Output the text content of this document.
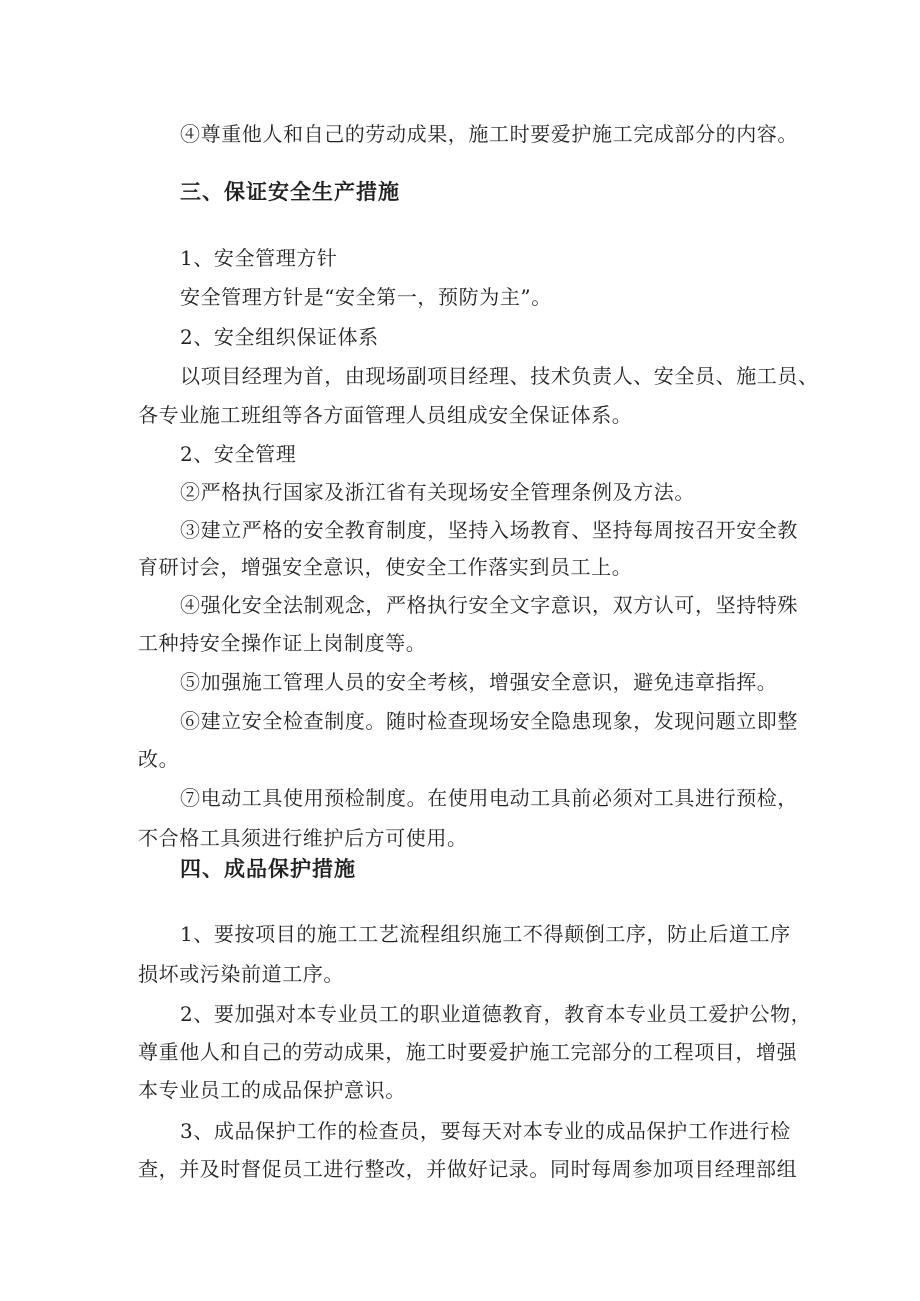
④尊重他人和自己的劳动成果，施工时要爱护施工完成部分的内容。
三、保证安全生产措施
1、安全管理方针
安全管理方针是“安全第一，预防为主”。
2、安全组织保证体系
以项目经理为首，由现场副项目经理、技术负责人、安全员、施工员、
各专业施工班组等各方面管理人员组成安全保证体系。
2、安全管理
②严格执行国家及浙江省有关现场安全管理条例及方法。
③建立严格的安全教育制度，坚持入场教育、坚持每周按召开安全教
育研讨会，增强安全意识，使安全工作落实到员工上。
④强化安全法制观念，严格执行安全文字意识，双方认可，坚持特殊
工种持安全操作证上岗制度等。
⑤加强施工管理人员的安全考核，增强安全意识，避免违章指挥。
⑥建立安全检查制度。随时检查现场安全隐患现象，发现问题立即整
改。
⑦电动工具使用预检制度。在使用电动工具前必须对工具进行预检，
不合格工具须进行维护后方可使用。
四、成品保护措施
1、要按项目的施工工艺流程组织施工不得颠倒工序，防止后道工序
损坏或污染前道工序。
2、要加强对本专业员工的职业道德教育，教育本专业员工爱护公物，
尊重他人和自己的劳动成果，施工时要爱护施工完部分的工程项目，增强
本专业员工的成品保护意识。
3、成品保护工作的检查员，要每天对本专业的成品保护工作进行检
查，并及时督促员工进行整改，并做好记录。同时每周参加项目经理部组
